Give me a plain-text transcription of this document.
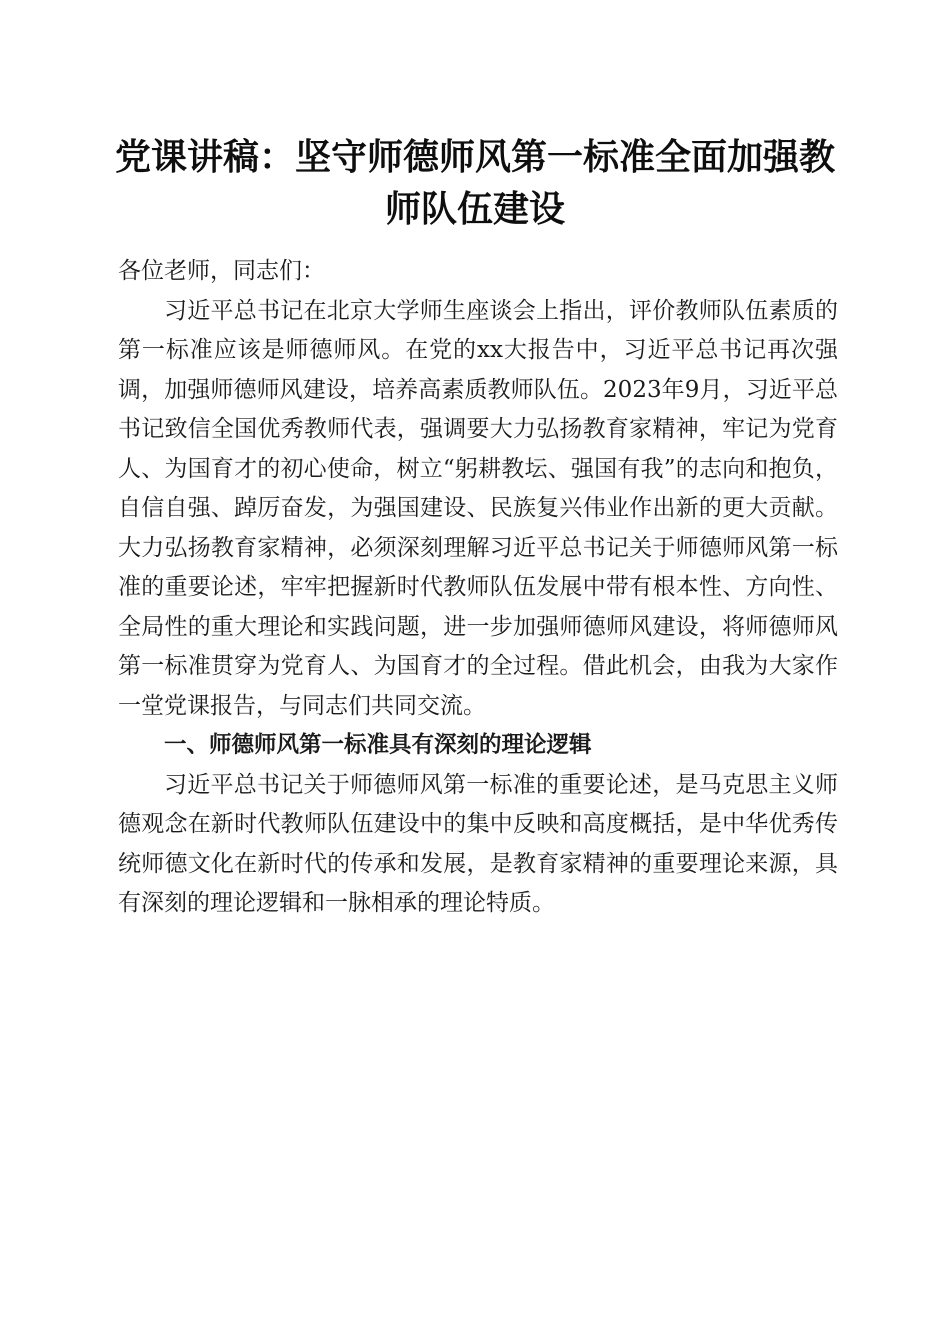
党课讲稿：坚守师德师风第一标准全面加强教
师队伍建设

各位老师，同志们：

习近平总书记在北京大学师生座谈会上指出，评价教师队伍素质的第一标准应该是师德师风。在党的xx大报告中，习近平总书记再次强调，加强师德师风建设，培养高素质教师队伍。2023年9月，习近平总书记致信全国优秀教师代表，强调要大力弘扬教育家精神，牢记为党育人、为国育才的初心使命，树立“躬耕教坛、强国有我”的志向和抱负，自信自强、踔厉奋发，为强国建设、民族复兴伟业作出新的更大贡献。大力弘扬教育家精神，必须深刻理解习近平总书记关于师德师风第一标准的重要论述，牢牢把握新时代教师队伍发展中带有根本性、方向性、全局性的重大理论和实践问题，进一步加强师德师风建设，将师德师风第一标准贯穿为党育人、为国育才的全过程。借此机会，由我为大家作一堂党课报告，与同志们共同交流。

一、师德师风第一标准具有深刻的理论逻辑

习近平总书记关于师德师风第一标准的重要论述，是马克思主义师德观念在新时代教师队伍建设中的集中反映和高度概括，是中华优秀传统师德文化在新时代的传承和发展，是教育家精神的重要理论来源，具有深刻的理论逻辑和一脉相承的理论特质。
